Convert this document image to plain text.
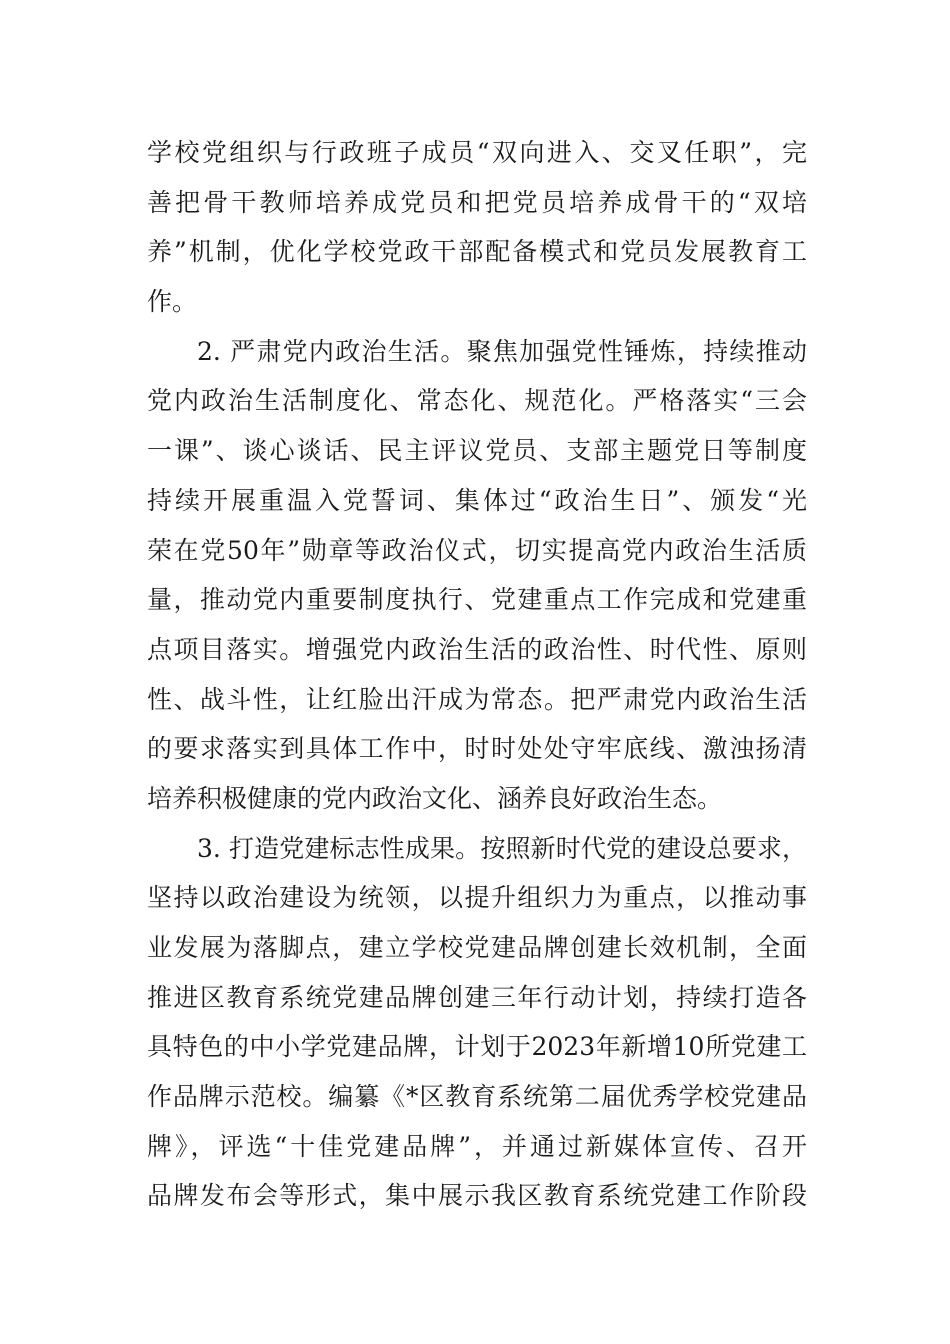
学校党组织与行政班子成员“双向进入、交叉任职”，完
善把骨干教师培养成党员和把党员培养成骨干的“双培
养”机制，优化学校党政干部配备模式和党员发展教育工
作。
2. 严肃党内政治生活。聚焦加强党性锤炼，持续推动
党内政治生活制度化、常态化、规范化。严格落实“三会
一课”、谈心谈话、民主评议党员、支部主题党日等制度
持续开展重温入党誓词、集体过“政治生日”、颁发“光
荣在党50年”勋章等政治仪式，切实提高党内政治生活质
量，推动党内重要制度执行、党建重点工作完成和党建重
点项目落实。增强党内政治生活的政治性、时代性、原则
性、战斗性，让红脸出汗成为常态。把严肃党内政治生活
的要求落实到具体工作中，时时处处守牢底线、激浊扬清
培养积极健康的党内政治文化、涵养良好政治生态。
3. 打造党建标志性成果。按照新时代党的建设总要求，
坚持以政治建设为统领，以提升组织力为重点，以推动事
业发展为落脚点，建立学校党建品牌创建长效机制，全面
推进区教育系统党建品牌创建三年行动计划，持续打造各
具特色的中小学党建品牌，计划于2023年新增10所党建工
作品牌示范校。编纂《*区教育系统第二届优秀学校党建品
牌》，评选“十佳党建品牌”，并通过新媒体宣传、召开
品牌发布会等形式，集中展示我区教育系统党建工作阶段
